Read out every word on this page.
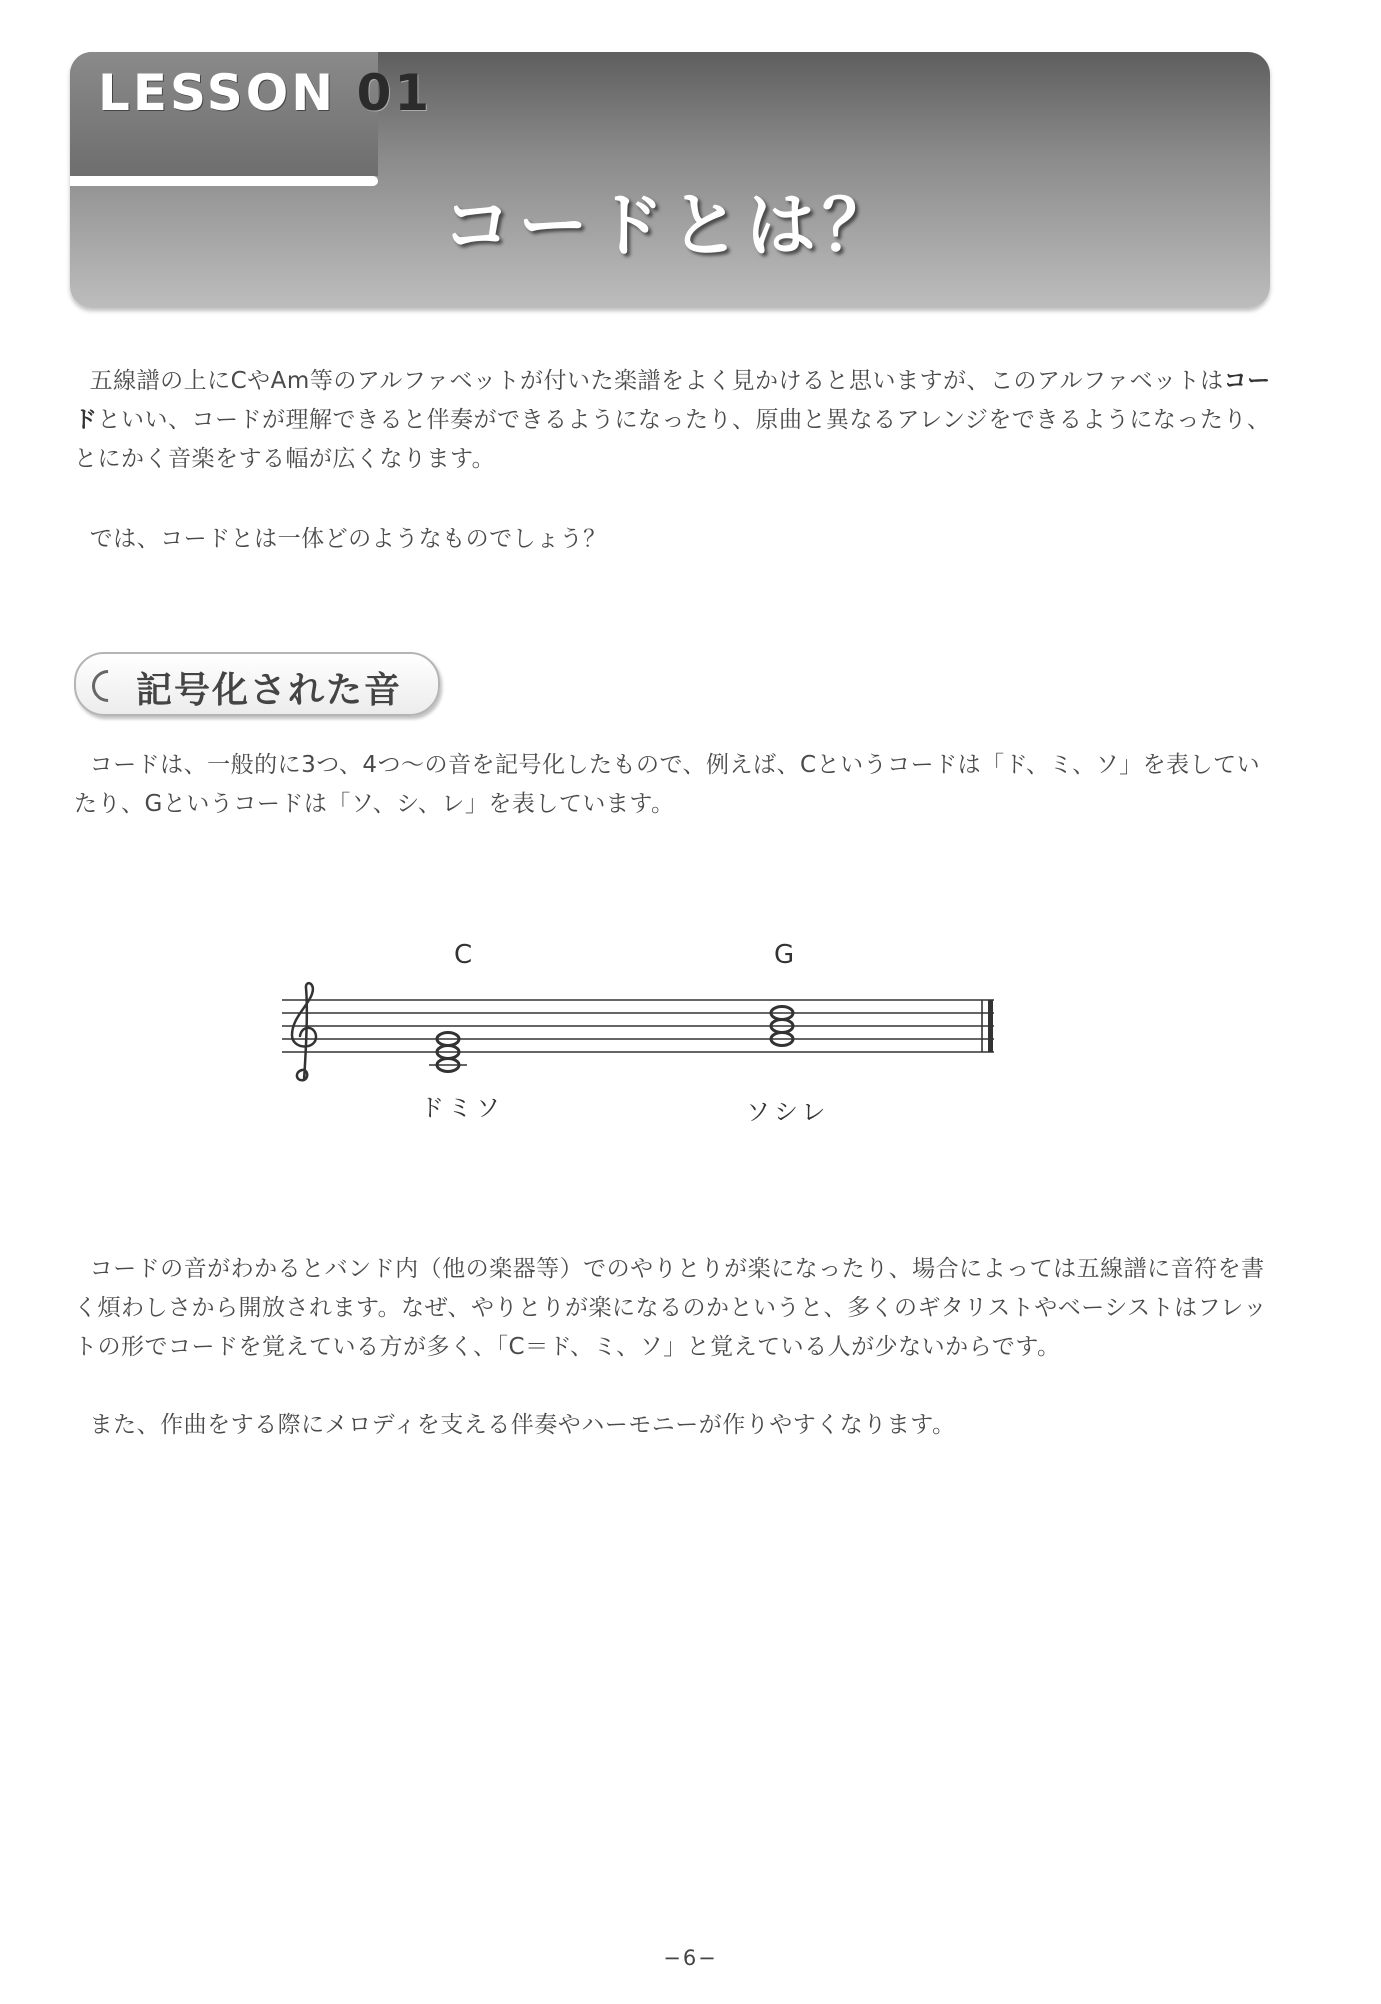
LESSON 01
コードとは？

五線譜の上にCやAm等のアルファベットが付いた楽譜をよく見かけると思いますが、このアルファベットはコードといい、コードが理解できると伴奏ができるようになったり、原曲と異なるアレンジをできるようになったり、とにかく音楽をする幅が広くなります。

では、コードとは一体どのようなものでしょう？

記号化された音

コードは、一般的に3つ、4つ〜の音を記号化したもので、例えば、Cというコードは「ド、ミ、ソ」を表していたり、Gというコードは「ソ、シ、レ」を表しています。

C	G
ドミソ	ソシレ

コードの音がわかるとバンド内（他の楽器等）でのやりとりが楽になったり、場合によっては五線譜に音符を書く煩わしさから開放されます。なぜ、やりとりが楽になるのかというと、多くのギタリストやベーシストはフレットの形でコードを覚えている方が多く、「C＝ド、ミ、ソ」と覚えている人が少ないからです。

また、作曲をする際にメロディを支える伴奏やハーモニーが作りやすくなります。

−6−
